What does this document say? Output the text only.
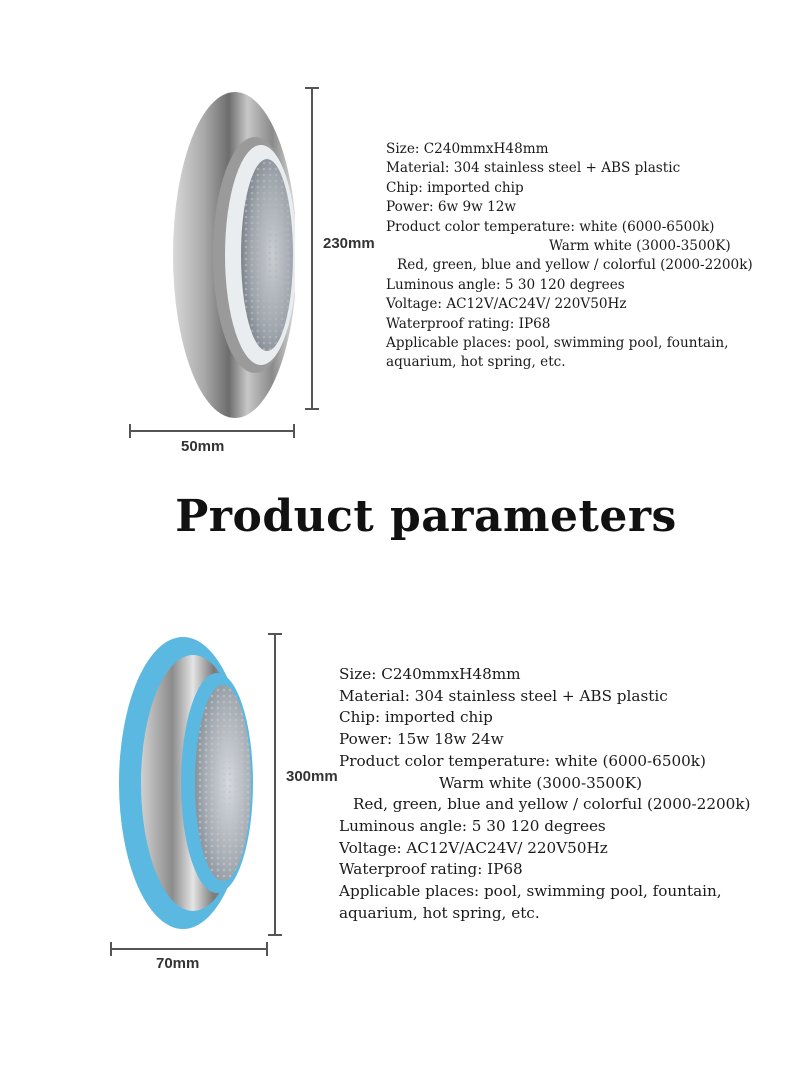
230mm
50mm
Size: C240mmxH48mm
Material: 304 stainless steel + ABS plastic
Chip: imported chip
Power: 6w 9w 12w
Product color temperature: white (6000-6500k)
Warm white (3000-3500K)
Red, green, blue and yellow / colorful (2000-2200k)
Luminous angle: 5 30 120 degrees
Voltage: AC12V/AC24V/ 220V50Hz
Waterproof rating: IP68
Applicable places: pool, swimming pool, fountain,
aquarium, hot spring, etc.
Product parameters
300mm
70mm
Size: C240mmxH48mm
Material: 304 stainless steel + ABS plastic
Chip: imported chip
Power: 15w 18w 24w
Product color temperature: white (6000-6500k)
Warm white (3000-3500K)
Red, green, blue and yellow / colorful (2000-2200k)
Luminous angle: 5 30 120 degrees
Voltage: AC12V/AC24V/ 220V50Hz
Waterproof rating: IP68
Applicable places: pool, swimming pool, fountain,
aquarium, hot spring, etc.
